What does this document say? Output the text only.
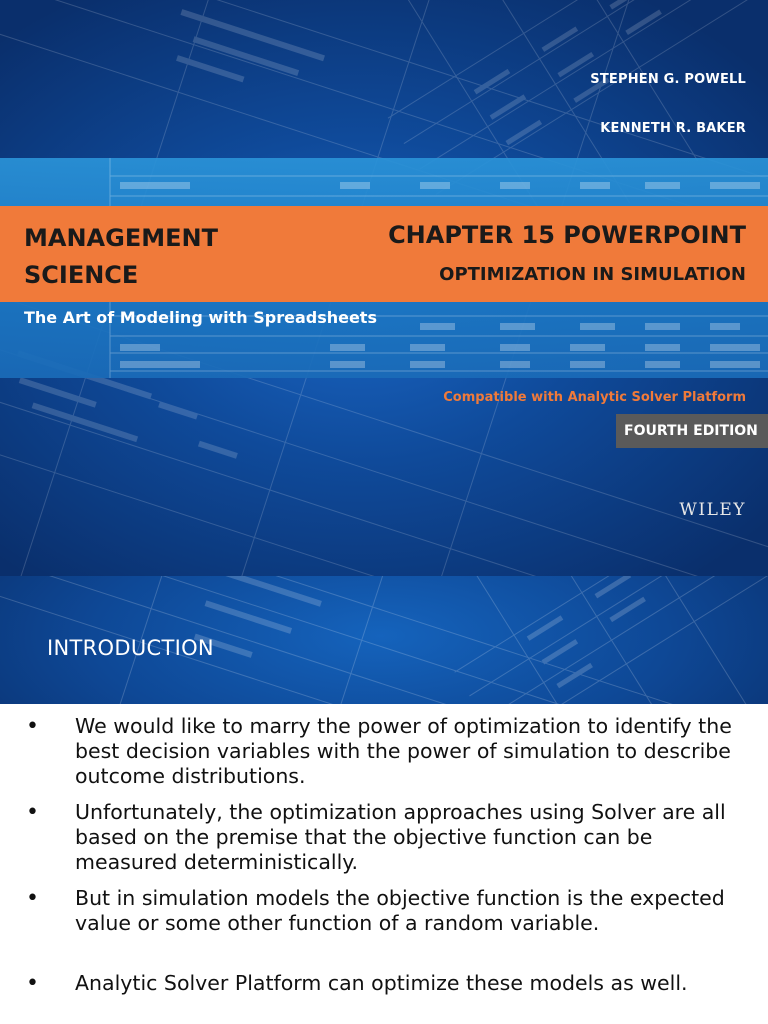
STEPHEN G. POWELL
KENNETH R. BAKER
MANAGEMENT
SCIENCE
CHAPTER 15 POWERPOINT
OPTIMIZATION IN SIMULATION
The Art of Modeling with Spreadsheets
Compatible with Analytic Solver Platform
FOURTH EDITION
WILEY
INTRODUCTION
• We would like to marry the power of optimization to identify the best decision variables with the power of simulation to describe outcome distributions.
• Unfortunately, the optimization approaches using Solver are all based on the premise that the objective function can be measured deterministically.
• But in simulation models the objective function is the expected value or some other function of a random variable.
• Analytic Solver Platform can optimize these models as well.
